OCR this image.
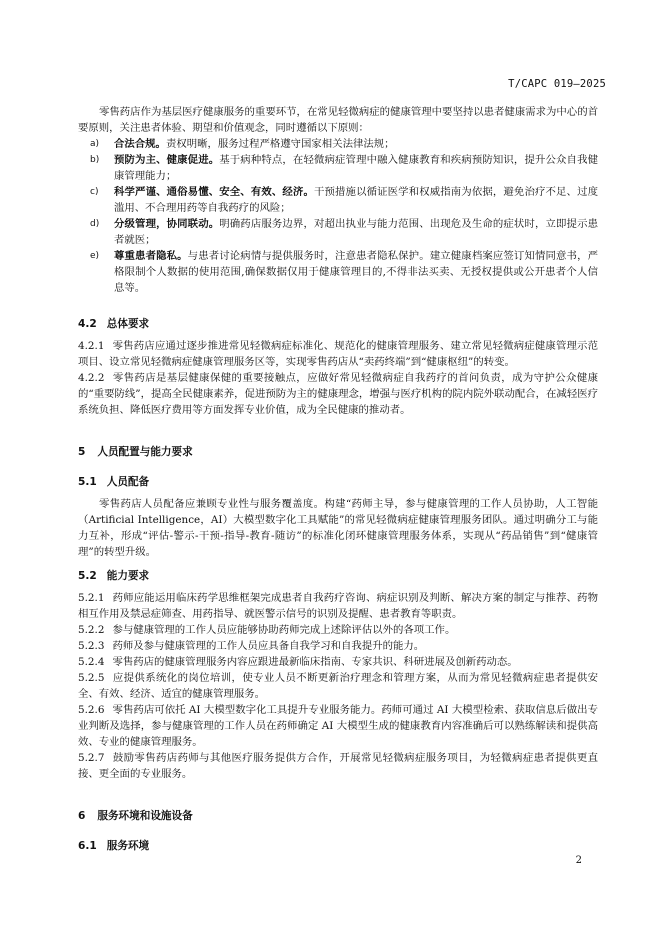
T/CAPC 019—2025

零售药店作为基层医疗健康服务的重要环节，在常见轻微病症的健康管理中要坚持以患者健康需求为中心的首要原则，关注患者体验、期望和价值观念，同时遵循以下原则：

a) 合法合规。责权明晰，服务过程严格遵守国家相关法律法规；
b) 预防为主、健康促进。基于病种特点，在轻微病症管理中融入健康教育和疾病预防知识，提升公众自我健康管理能力；
c) 科学严谨、通俗易懂、安全、有效、经济。干预措施以循证医学和权威指南为依据，避免治疗不足、过度滥用、不合理用药等自我药疗的风险；
d) 分级管理，协同联动。明确药店服务边界，对超出执业与能力范围、出现危及生命的症状时，立即提示患者就医；
e) 尊重患者隐私。与患者讨论病情与提供服务时，注意患者隐私保护。建立健康档案应签订知情同意书，严格限制个人数据的使用范围,确保数据仅用于健康管理目的,不得非法买卖、无授权提供或公开患者个人信息等。
4.2 总体要求

4.2.1 零售药店应通过逐步推进常见轻微病症标准化、规范化的健康管理服务、建立常见轻微病症健康管理示范项目、设立常见轻微病症健康管理服务区等，实现零售药店从“卖药终端”到“健康枢纽”的转变。

4.2.2 零售药店是基层健康保健的重要接触点，应做好常见轻微病症自我药疗的首问负责，成为守护公众健康的“重要防线”，提高全民健康素养，促进预防为主的健康理念，增强与医疗机构的院内院外联动配合，在减轻医疗系统负担、降低医疗费用等方面发挥专业价值，成为全民健康的推动者。

5 人员配置与能力要求
5.1 人员配备

零售药店人员配备应兼顾专业性与服务覆盖度。构建“药师主导，参与健康管理的工作人员协助，人工智能（Artificial Intelligence，AI）大模型数字化工具赋能”的常见轻微病症健康管理服务团队。通过明确分工与能力互补，形成“评估-警示-干预-指导-教育-随访”的标准化闭环健康管理服务体系，实现从“药品销售”到“健康管理”的转型升级。

5.2 能力要求

5.2.1 药师应能运用临床药学思维框架完成患者自我药疗咨询、病症识别及判断、解决方案的制定与推荐、药物相互作用及禁忌症筛查、用药指导、就医警示信号的识别及提醒、患者教育等职责。

5.2.2 参与健康管理的工作人员应能够协助药师完成上述除评估以外的各项工作。

5.2.3 药师及参与健康管理的工作人员应具备自我学习和自我提升的能力。

5.2.4 零售药店的健康管理服务内容应跟进最新临床指南、专家共识、科研进展及创新药动态。

5.2.5 应提供系统化的岗位培训，使专业人员不断更新治疗理念和管理方案，从而为常见轻微病症患者提供安全、有效、经济、适宜的健康管理服务。

5.2.6 零售药店可依托 AI 大模型数字化工具提升专业服务能力。药师可通过 AI 大模型检索、获取信息后做出专业判断及选择，参与健康管理的工作人员在药师确定 AI 大模型生成的健康教育内容准确后可以熟练解读和提供高效、专业的健康管理服务。

5.2.7 鼓励零售药店药师与其他医疗服务提供方合作，开展常见轻微病症服务项目，为轻微病症患者提供更直接、更全面的专业服务。

6 服务环境和设施设备
6.1 服务环境
2
